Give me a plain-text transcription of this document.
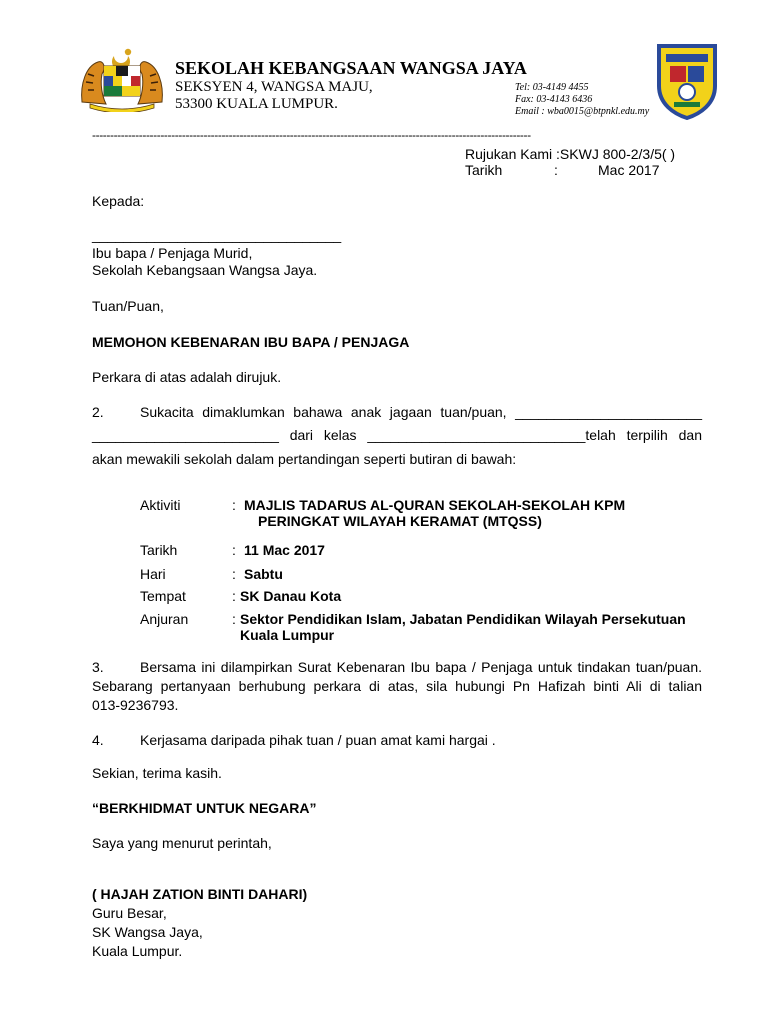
SEKOLAH KEBANGSAAN WANGSA JAYA
SEKSYEN 4, WANGSA MAJU,
53300 KUALA LUMPUR.
Tel: 03-4149 4455
Fax: 03-4143 6436
Email : wba0015@btpnkl.edu.my
--------------------------------------------------------------------------------------------------------------------------
Rujukan Kami :SKWJ 800-2/3/5( )
Tarikh	:	Mac 2017
Kepada:
________________________________
Ibu bapa / Penjaga Murid,
Sekolah Kebangsaan Wangsa Jaya.
Tuan/Puan,
MEMOHON KEBENARAN IBU BAPA / PENJAGA
Perkara di atas adalah dirujuk.
2.	Sukacita dimaklumkan bahawa anak jagaan tuan/puan, ________________________
________________________ dari kelas ____________________________telah terpilih dan
akan mewakili sekolah dalam pertandingan seperti butiran di bawah:
Aktiviti	: MAJLIS TADARUS AL-QURAN SEKOLAH-SEKOLAH KPM
PERINGKAT WILAYAH KERAMAT (MTQSS)
Tarikh	: 11 Mac 2017
Hari	: Sabtu
Tempat	: SK Danau Kota
Anjuran	: Sektor Pendidikan Islam, Jabatan Pendidikan Wilayah Persekutuan
Kuala Lumpur
3.	Bersama ini dilampirkan Surat Kebenaran Ibu bapa / Penjaga untuk tindakan tuan/puan.
Sebarang pertanyaan berhubung perkara di atas, sila hubungi Pn Hafizah binti Ali di talian
013-9236793.
4.	Kerjasama daripada pihak tuan / puan amat kami hargai .
Sekian, terima kasih.
“BERKHIDMAT UNTUK NEGARA”
Saya yang menurut perintah,
( HAJAH ZATION BINTI DAHARI)
Guru Besar,
SK Wangsa Jaya,
Kuala Lumpur.
